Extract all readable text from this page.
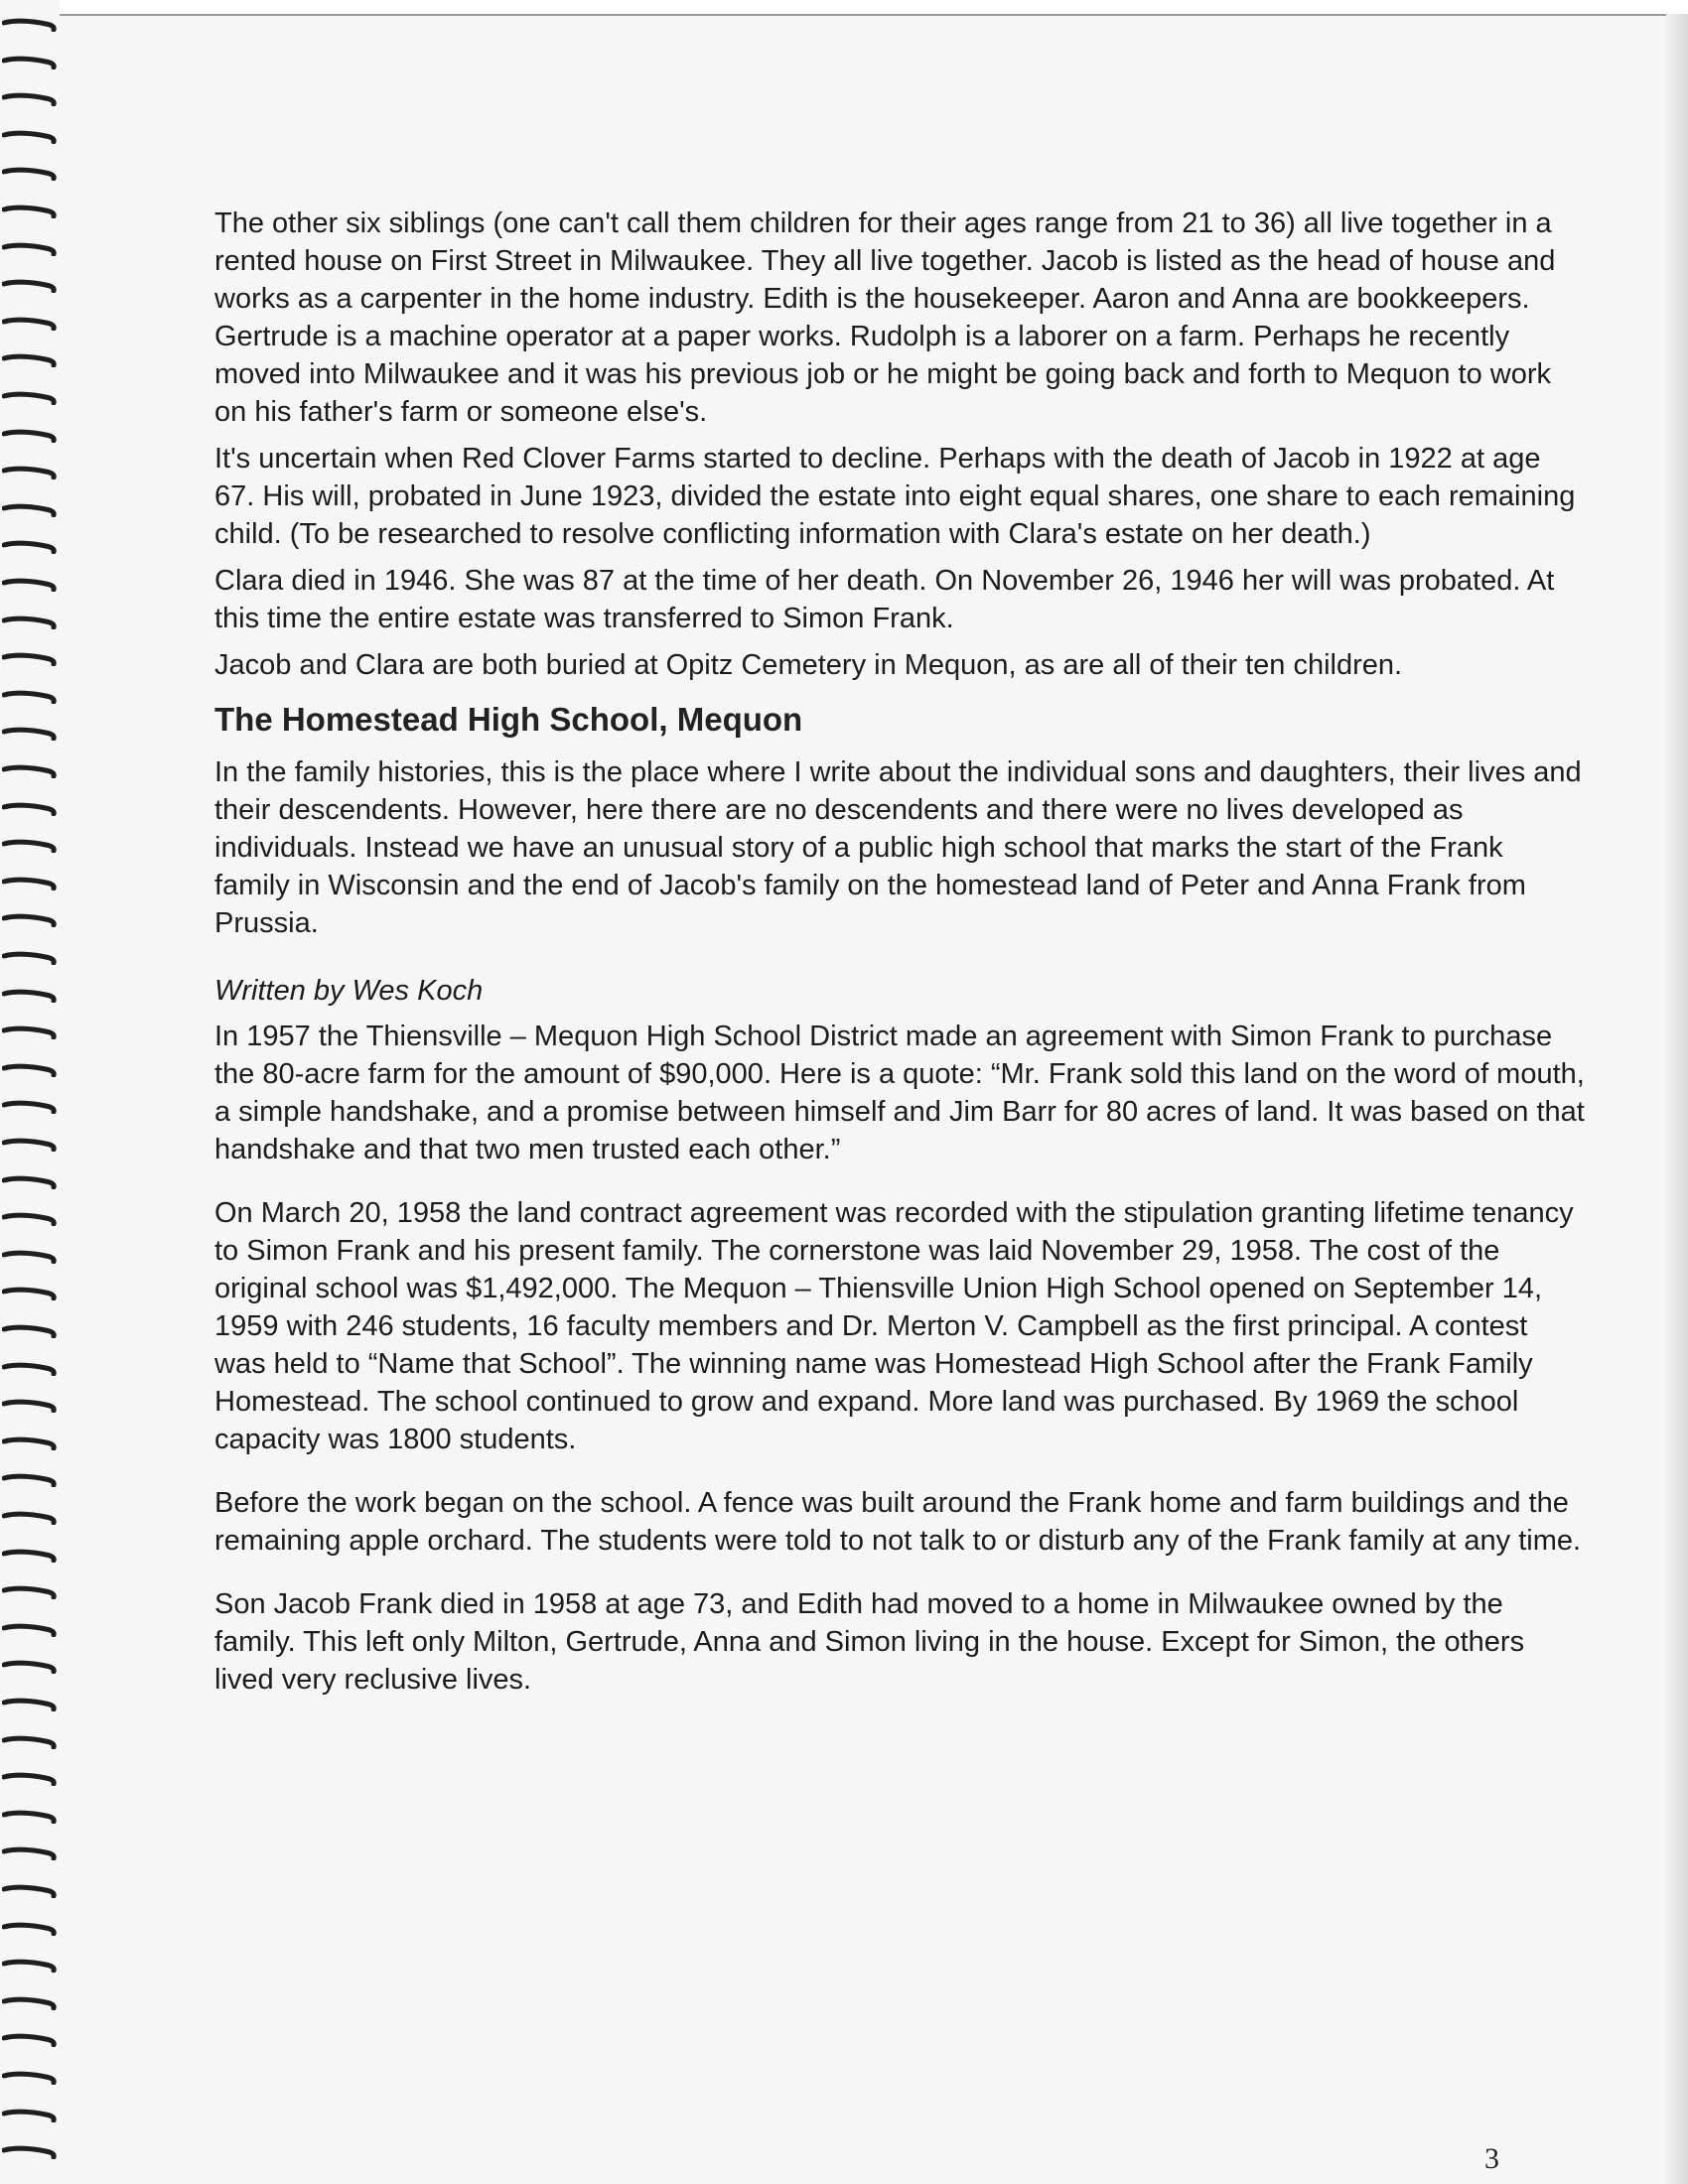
The other six siblings (one can't call them children for their ages range from 21 to 36) all live together in a rented house on First Street in Milwaukee. They all live together. Jacob is listed as the head of house and works as a carpenter in the home industry. Edith is the housekeeper. Aaron and Anna are bookkeepers. Gertrude is a machine operator at a paper works. Rudolph is a laborer on a farm. Perhaps he recently moved into Milwaukee and it was his previous job or he might be going back and forth to Mequon to work on his father's farm or someone else's.

It's uncertain when Red Clover Farms started to decline. Perhaps with the death of Jacob in 1922 at age 67. His will, probated in June 1923, divided the estate into eight equal shares, one share to each remaining child. (To be researched to resolve conflicting information with Clara's estate on her death.)

Clara died in 1946. She was 87 at the time of her death. On November 26, 1946 her will was probated. At this time the entire estate was transferred to Simon Frank.

Jacob and Clara are both buried at Opitz Cemetery in Mequon, as are all of their ten children.

The Homestead High School, Mequon

In the family histories, this is the place where I write about the individual sons and daughters, their lives and their descendents. However, here there are no descendents and there were no lives developed as individuals. Instead we have an unusual story of a public high school that marks the start of the Frank family in Wisconsin and the end of Jacob's family on the homestead land of Peter and Anna Frank from Prussia.

Written by Wes Koch

In 1957 the Thiensville – Mequon High School District made an agreement with Simon Frank to purchase the 80-acre farm for the amount of $90,000. Here is a quote: “Mr. Frank sold this land on the word of mouth, a simple handshake, and a promise between himself and Jim Barr for 80 acres of land. It was based on that handshake and that two men trusted each other.”

On March 20, 1958 the land contract agreement was recorded with the stipulation granting lifetime tenancy to Simon Frank and his present family. The cornerstone was laid November 29, 1958. The cost of the original school was $1,492,000. The Mequon – Thiensville Union High School opened on September 14, 1959 with 246 students, 16 faculty members and Dr. Merton V. Campbell as the first principal. A contest was held to “Name that School”. The winning name was Homestead High School after the Frank Family Homestead. The school continued to grow and expand. More land was purchased. By 1969 the school capacity was 1800 students.

Before the work began on the school. A fence was built around the Frank home and farm buildings and the remaining apple orchard. The students were told to not talk to or disturb any of the Frank family at any time.

Son Jacob Frank died in 1958 at age 73, and Edith had moved to a home in Milwaukee owned by the family. This left only Milton, Gertrude, Anna and Simon living in the house. Except for Simon, the others lived very reclusive lives.

3
